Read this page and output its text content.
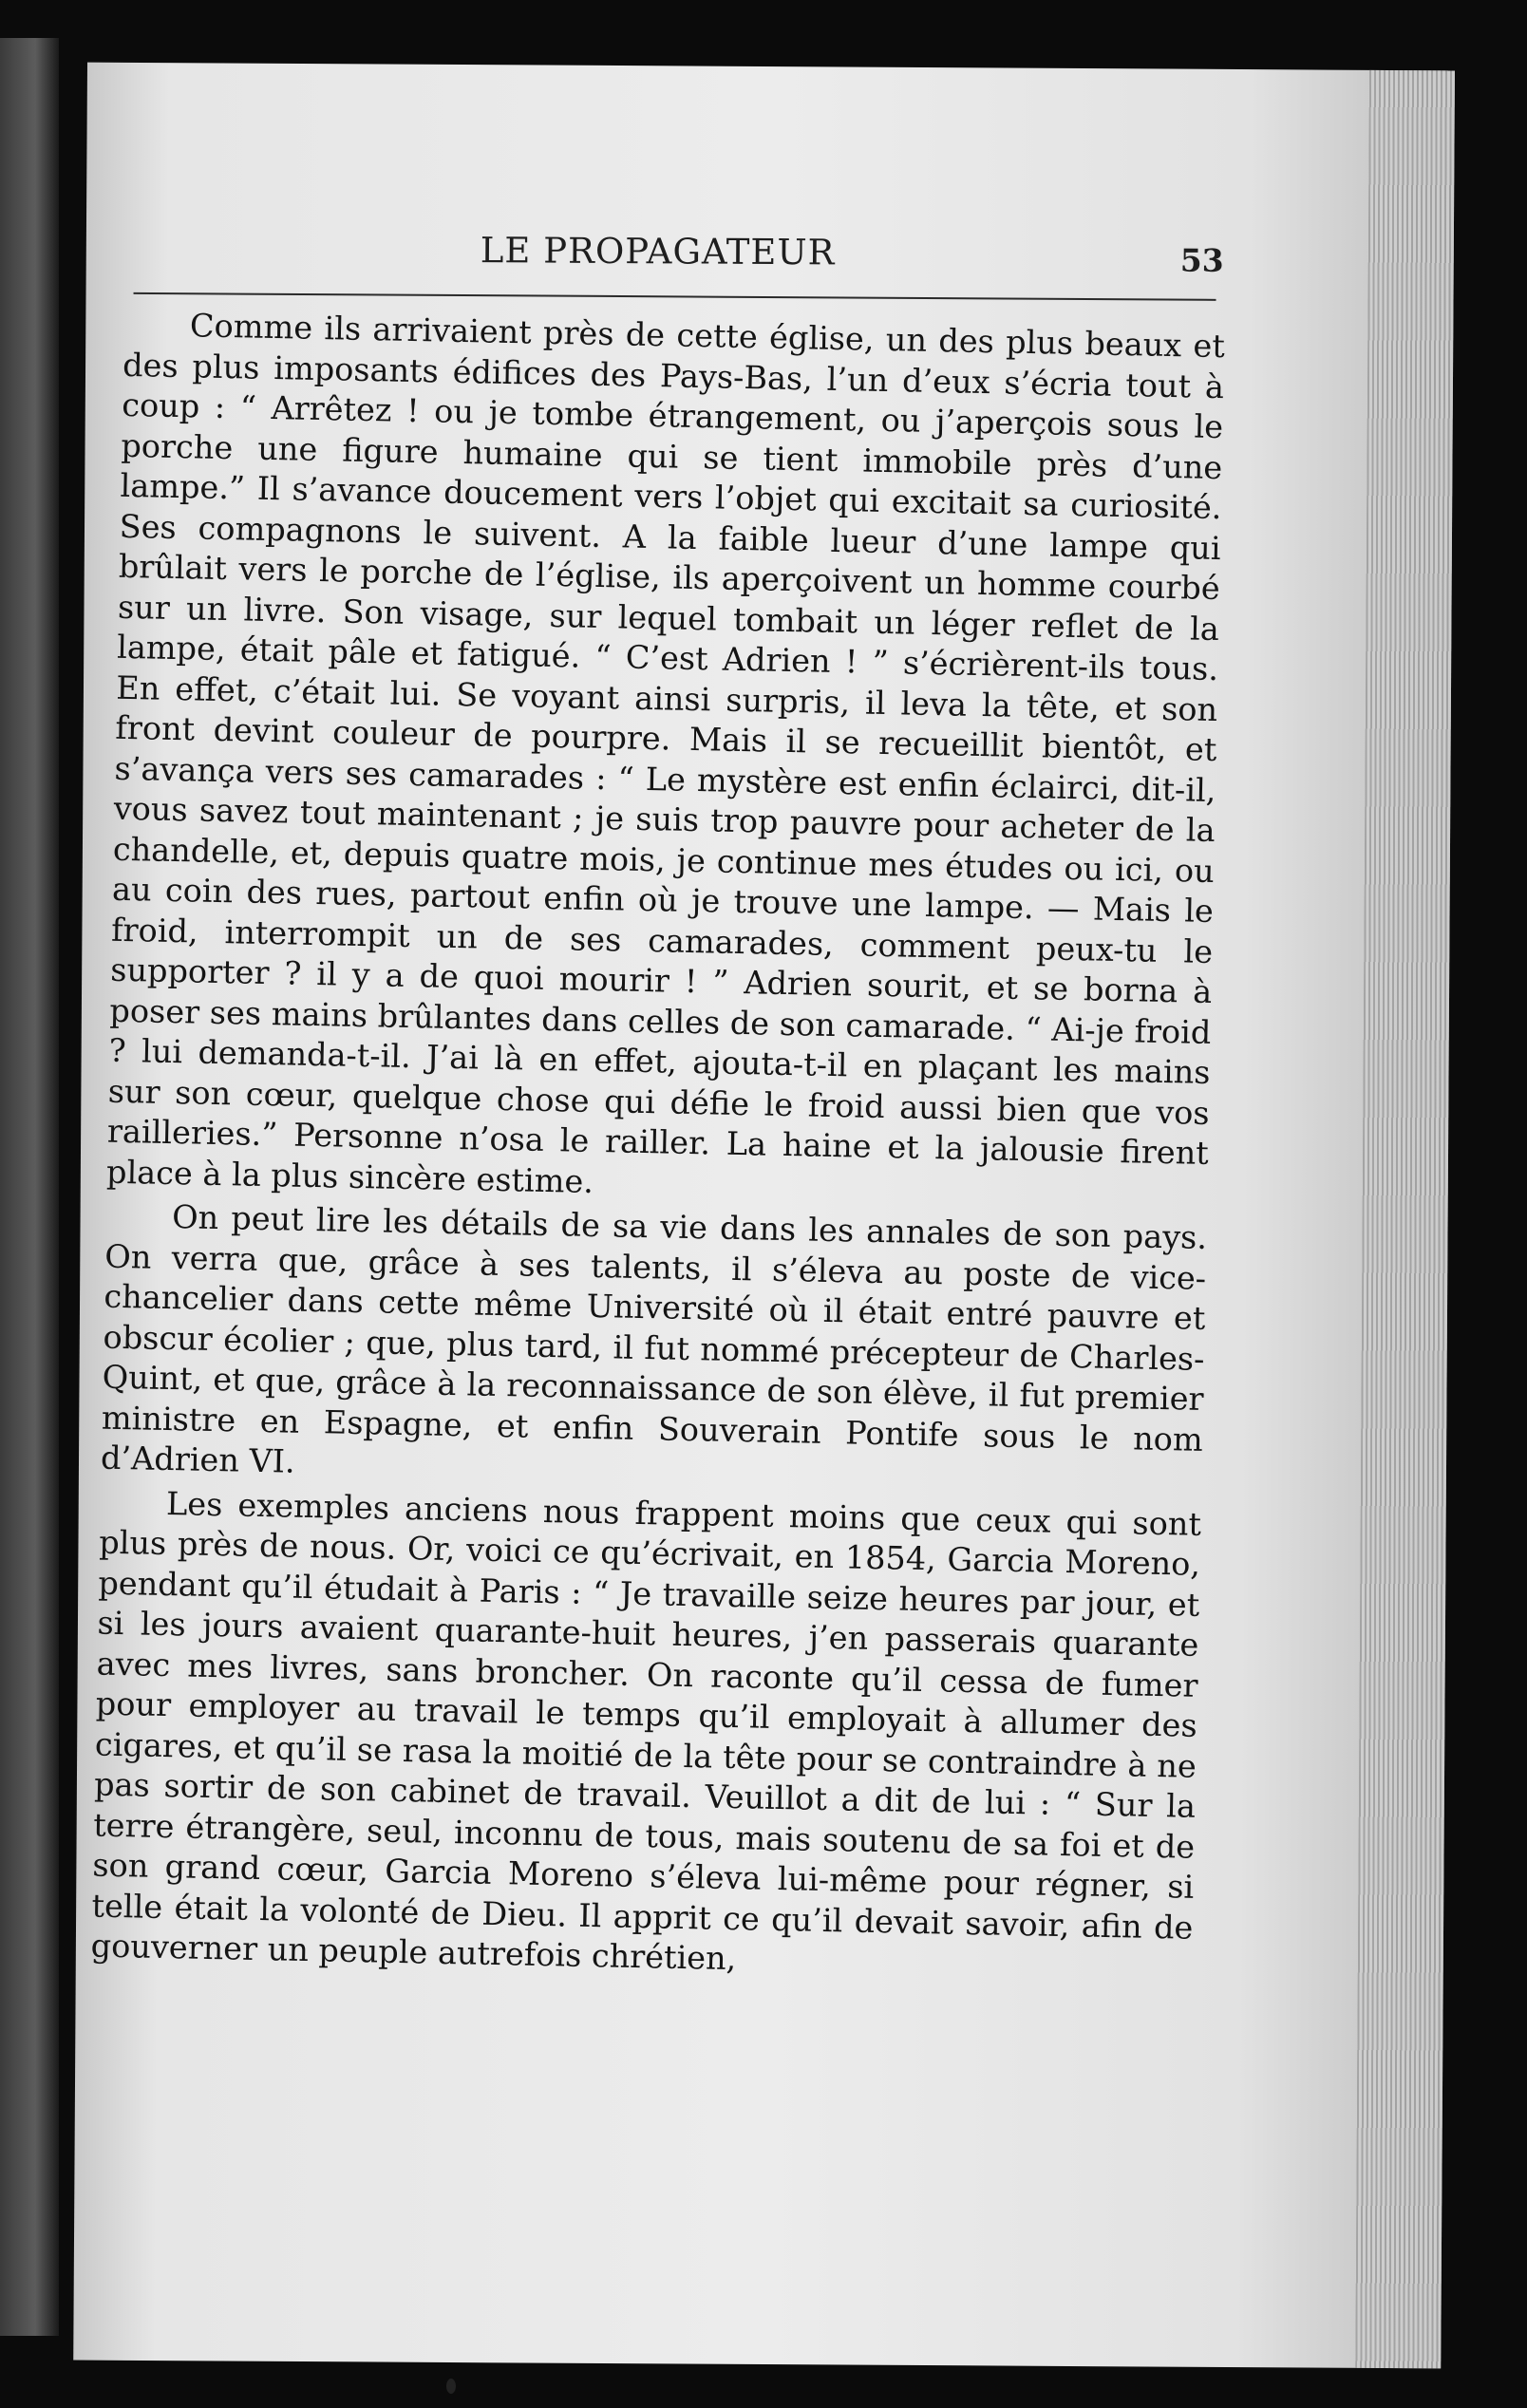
LE PROPAGATEUR	53

Comme ils arrivaient près de cette église, un des plus beaux et des plus imposants édifices des Pays-Bas, l’un d’eux s’écria tout à coup : “ Arrêtez ! ou je tombe étrangement, ou j’aperçois sous le porche une figure humaine qui se tient immobile près d’une lampe.” Il s’avance doucement vers l’objet qui excitait sa curiosité. Ses compagnons le suivent. A la faible lueur d’une lampe qui brûlait vers le porche de l’église, ils aperçoivent un homme courbé sur un livre. Son visage, sur lequel tombait un léger reflet de la lampe, était pâle et fatigué. “ C’est Adrien ! ” s’écrièrent-ils tous. En effet, c’était lui. Se voyant ainsi surpris, il leva la tête, et son front devint couleur de pourpre. Mais il se recueillit bientôt, et s’avança vers ses camarades : “ Le mystère est enfin éclairci, dit-il, vous savez tout maintenant ; je suis trop pauvre pour acheter de la chandelle, et, depuis quatre mois, je continue mes études ou ici, ou au coin des rues, partout enfin où je trouve une lampe. — Mais le froid, interrompit un de ses camarades, comment peux-tu le supporter ? il y a de quoi mourir ! ” Adrien sourit, et se borna à poser ses mains brûlantes dans celles de son camarade. “ Ai-je froid ? lui demanda-t-il. J’ai là en effet, ajouta-t-il en plaçant les mains sur son cœur, quelque chose qui défie le froid aussi bien que vos railleries.” Personne n’osa le railler. La haine et la jalousie firent place à la plus sincère estime.

On peut lire les détails de sa vie dans les annales de son pays. On verra que, grâce à ses talents, il s’éleva au poste de vice-chancelier dans cette même Université où il était entré pauvre et obscur écolier ; que, plus tard, il fut nommé précepteur de Charles-Quint, et que, grâce à la reconnaissance de son élève, il fut premier ministre en Espagne, et enfin Souverain Pontife sous le nom d’Adrien VI.

Les exemples anciens nous frappent moins que ceux qui sont plus près de nous. Or, voici ce qu’écrivait, en 1854, Garcia Moreno, pendant qu’il étudait à Paris : “ Je travaille seize heures par jour, et si les jours avaient quarante-huit heures, j’en passerais quarante avec mes livres, sans broncher. On raconte qu’il cessa de fumer pour employer au travail le temps qu’il employait à allumer des cigares, et qu’il se rasa la moitié de la tête pour se contraindre à ne pas sortir de son cabinet de travail. Veuillot a dit de lui : “ Sur la terre étrangère, seul, inconnu de tous, mais soutenu de sa foi et de son grand cœur, Garcia Moreno s’éleva lui-même pour régner, si telle était la volonté de Dieu. Il apprit ce qu’il devait savoir, afin de gouverner un peuple autrefois chrétien,
